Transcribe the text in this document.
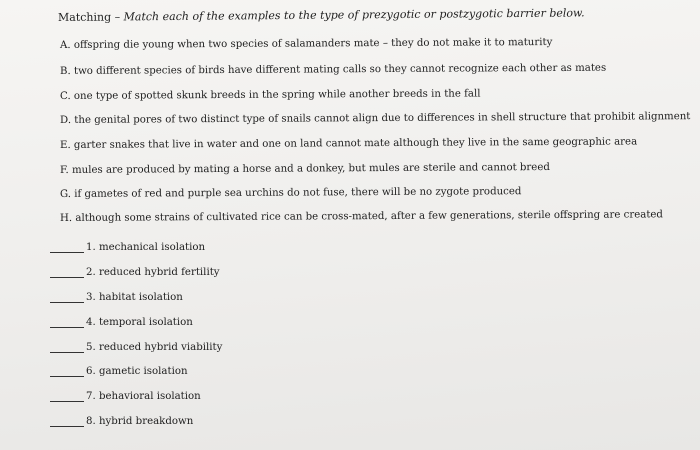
Matching – Match each of the examples to the type of prezygotic or postzygotic barrier below.
A. offspring die young when two species of salamanders mate – they do not make it to maturity
B. two different species of birds have different mating calls so they cannot recognize each other as mates
C. one type of spotted skunk breeds in the spring while another breeds in the fall
D. the genital pores of two distinct type of snails cannot align due to differences in shell structure that prohibit alignment
E. garter snakes that live in water and one on land cannot mate although they live in the same geographic area
F. mules are produced by mating a horse and a donkey, but mules are sterile and cannot breed
G. if gametes of red and purple sea urchins do not fuse, there will be no zygote produced
H. although some strains of cultivated rice can be cross-mated, after a few generations, sterile offspring are created
1. mechanical isolation
2. reduced hybrid fertility
3. habitat isolation
4. temporal isolation
5. reduced hybrid viability
6. gametic isolation
7. behavioral isolation
8. hybrid breakdown
